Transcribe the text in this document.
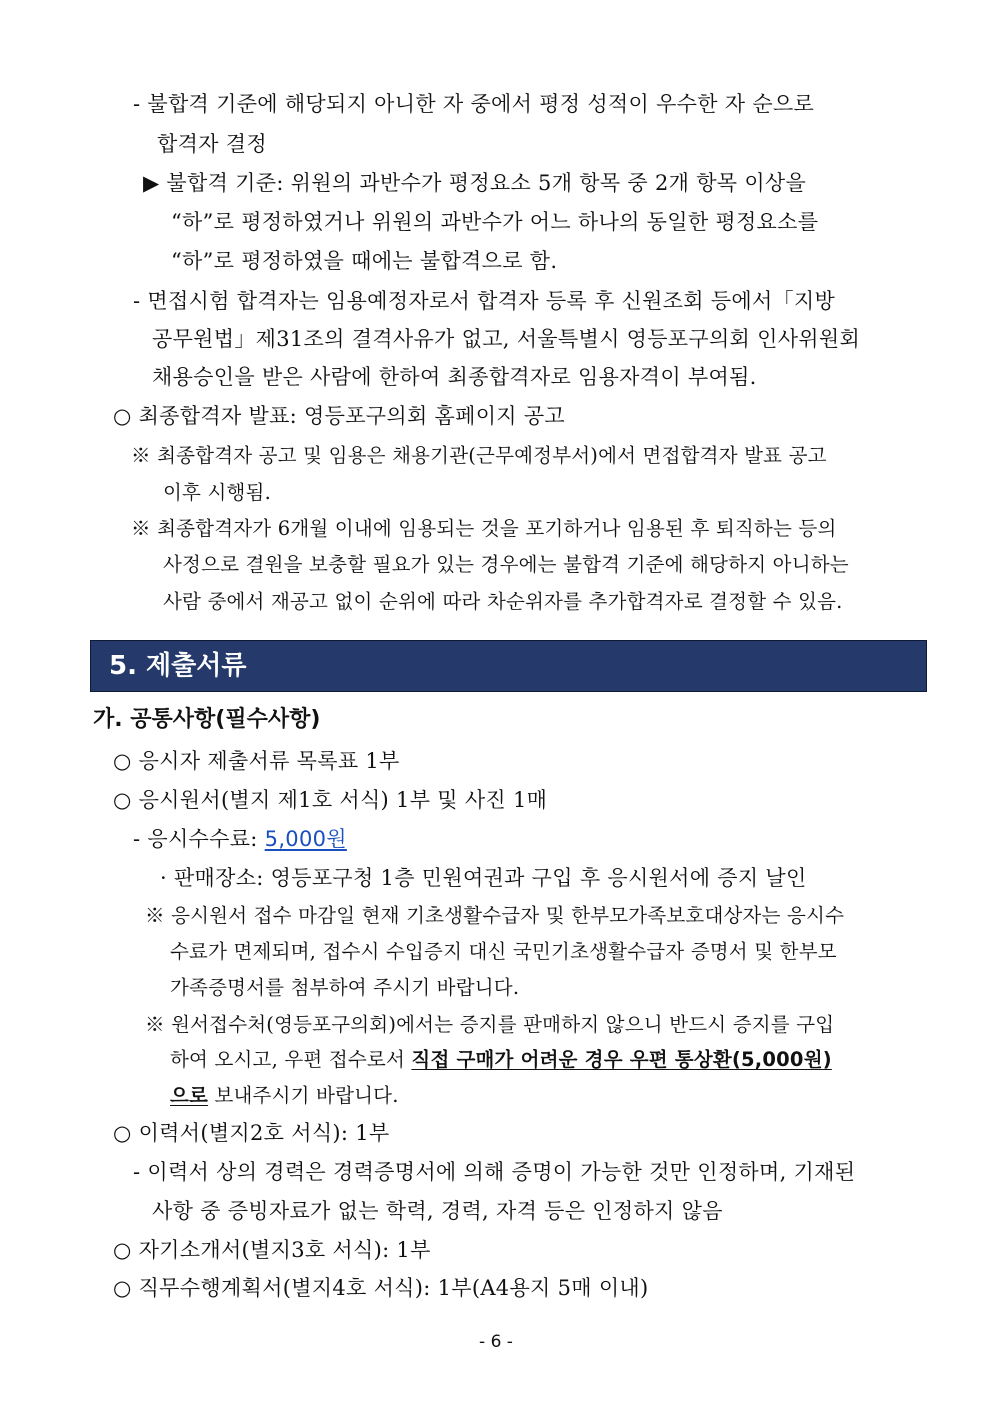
- 불합격 기준에 해당되지 아니한 자 중에서 평정 성적이 우수한 자 순으로
합격자 결정
▶ 불합격 기준: 위원의 과반수가 평정요소 5개 항목 중 2개 항목 이상을
“하”로 평정하였거나 위원의 과반수가 어느 하나의 동일한 평정요소를
“하”로 평정하였을 때에는 불합격으로 함.
- 면접시험 합격자는 임용예정자로서 합격자 등록 후 신원조회 등에서「지방
공무원법」제31조의 결격사유가 없고, 서울특별시 영등포구의회 인사위원회
채용승인을 받은 사람에 한하여 최종합격자로 임용자격이 부여됨.
○ 최종합격자 발표: 영등포구의회 홈페이지 공고
※ 최종합격자 공고 및 임용은 채용기관(근무예정부서)에서 면접합격자 발표 공고
이후 시행됨.
※ 최종합격자가 6개월 이내에 임용되는 것을 포기하거나 임용된 후 퇴직하는 등의
사정으로 결원을 보충할 필요가 있는 경우에는 불합격 기준에 해당하지 아니하는
사람 중에서 재공고 없이 순위에 따라 차순위자를 추가합격자로 결정할 수 있음.
5. 제출서류
가. 공통사항(필수사항)
○ 응시자 제출서류 목록표 1부
○ 응시원서(별지 제1호 서식) 1부 및 사진 1매
- 응시수수료: 5,000원
· 판매장소: 영등포구청 1층 민원여권과 구입 후 응시원서에 증지 날인
※ 응시원서 접수 마감일 현재 기초생활수급자 및 한부모가족보호대상자는 응시수
수료가 면제되며, 접수시 수입증지 대신 국민기초생활수급자 증명서 및 한부모
가족증명서를 첨부하여 주시기 바랍니다.
※ 원서접수처(영등포구의회)에서는 증지를 판매하지 않으니 반드시 증지를 구입
하여 오시고, 우편 접수로서 직접 구매가 어려운 경우 우편 통상환(5,000원)
으로 보내주시기 바랍니다.
○ 이력서(별지2호 서식): 1부
- 이력서 상의 경력은 경력증명서에 의해 증명이 가능한 것만 인정하며, 기재된
사항 중 증빙자료가 없는 학력, 경력, 자격 등은 인정하지 않음
○ 자기소개서(별지3호 서식): 1부
○ 직무수행계획서(별지4호 서식): 1부(A4용지 5매 이내)
- 6 -
